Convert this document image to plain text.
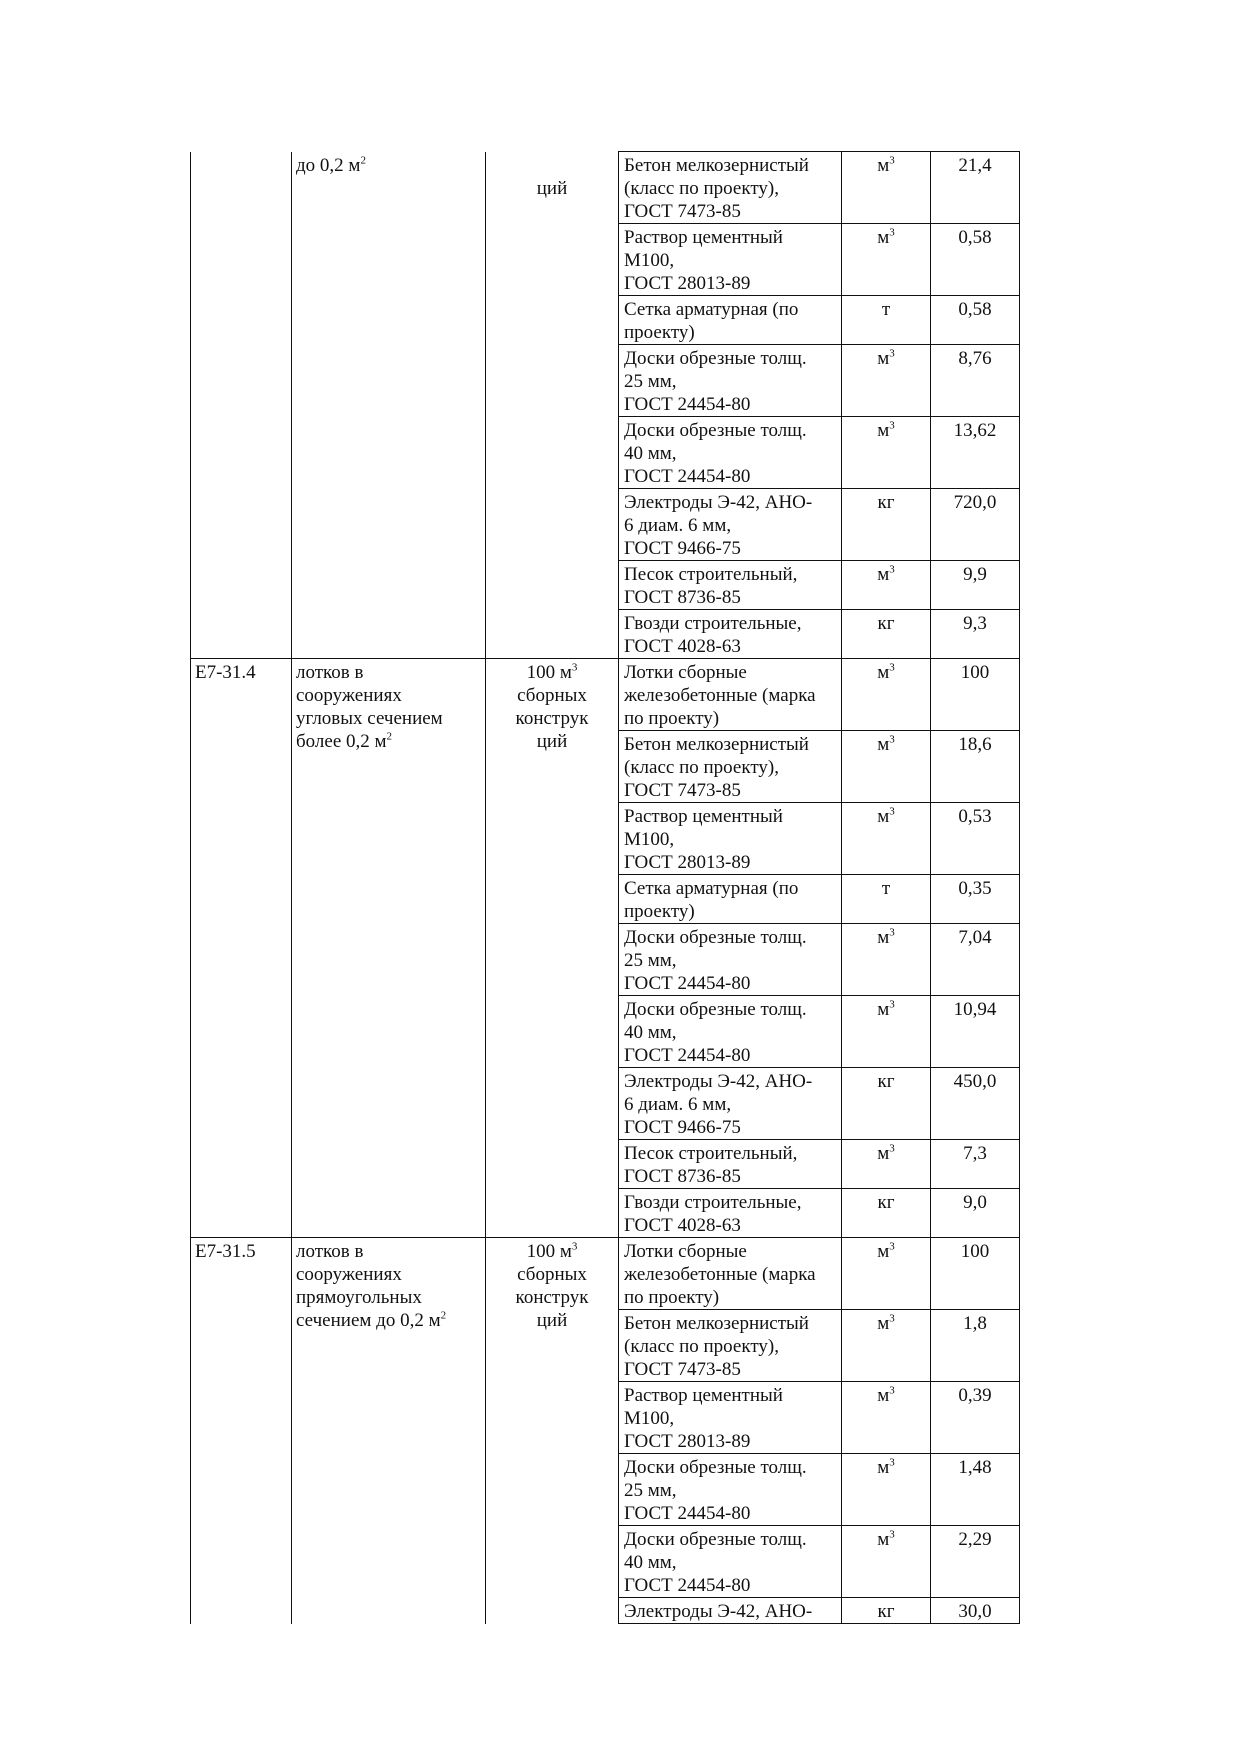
	до 0,2 $м^2$	ций	Бетон мелкозернистый
(класс по проекту),
ГОСТ 7473-85	$м^3$	21,4

			Раствор цементный
М100,
ГОСТ 28013-89	$м^3$	0,58

			Сетка арматурная (по
проекту)	т	0,58

			Доски обрезные толщ.
25 мм,
ГОСТ 24454-80	$м^3$	8,76

			Доски обрезные толщ.
40 мм,
ГОСТ 24454-80	$м^3$	13,62

			Электроды Э-42, АНО-
6 диам. 6 мм,
ГОСТ 9466-75	кг	720,0

			Песок строительный,
ГОСТ 8736-85	$м^3$	9,9

			Гвозди строительные,
ГОСТ 4028-63	кг	9,3

Е7-31.4	лотков в
сооружениях
угловых сечением
более 0,2 $м^2$	100 $м^3$
сборных
конструк
ций	Лотки сборные
железобетонные (марка
по проекту)	$м^3$	100

			Бетон мелкозернистый
(класс по проекту),
ГОСТ 7473-85	$м^3$	18,6

			Раствор цементный
М100,
ГОСТ 28013-89	$м^3$	0,53

			Сетка арматурная (по
проекту)	т	0,35

			Доски обрезные толщ.
25 мм,
ГОСТ 24454-80	$м^3$	7,04

			Доски обрезные толщ.
40 мм,
ГОСТ 24454-80	$м^3$	10,94

			Электроды Э-42, АНО-
6 диам. 6 мм,
ГОСТ 9466-75	кг	450,0

			Песок строительный,
ГОСТ 8736-85	$м^3$	7,3

			Гвозди строительные,
ГОСТ 4028-63	кг	9,0

Е7-31.5	лотков в
сооружениях
прямоугольных
сечением до 0,2 $м^2$	100 $м^3$
сборных
конструк
ций	Лотки сборные
железобетонные (марка
по проекту)	$м^3$	100

			Бетон мелкозернистый
(класс по проекту),
ГОСТ 7473-85	$м^3$	1,8

			Раствор цементный
М100,
ГОСТ 28013-89	$м^3$	0,39

			Доски обрезные толщ.
25 мм,
ГОСТ 24454-80	$м^3$	1,48

			Доски обрезные толщ.
40 мм,
ГОСТ 24454-80	$м^3$	2,29

			Электроды Э-42, АНО-	кг	30,0
